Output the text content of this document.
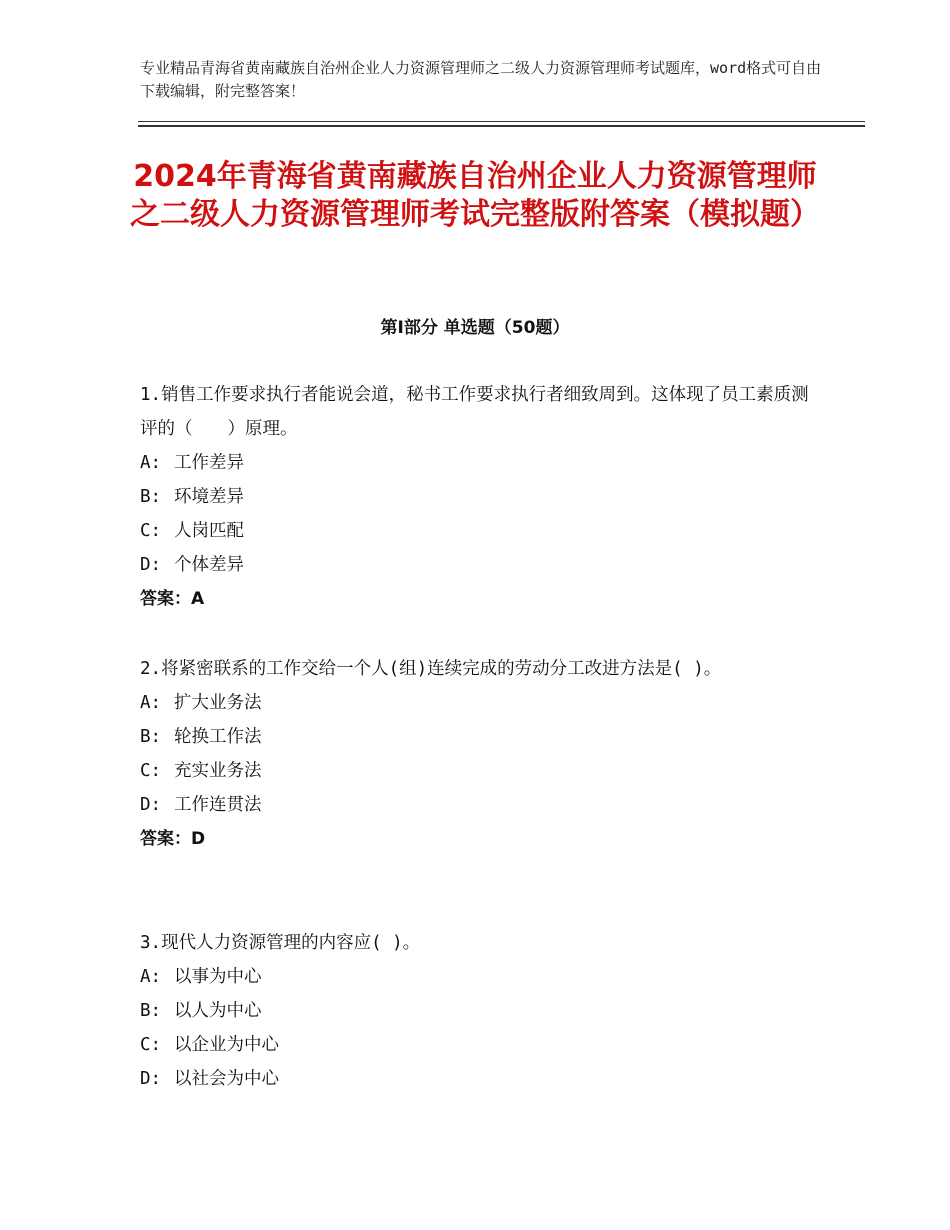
专业精品青海省黄南藏族自治州企业人力资源管理师之二级人力资源管理师考试题库，word格式可自由下载编辑，附完整答案！
2024年青海省黄南藏族自治州企业人力资源管理师之二级人力资源管理师考试完整版附答案（模拟题）
第Ⅰ部分 单选题（50题）
1.销售工作要求执行者能说会道，秘书工作要求执行者细致周到。这体现了员工素质测评的（　　）原理。
A: 工作差异
B: 环境差异
C: 人岗匹配
D: 个体差异
答案：A
2.将紧密联系的工作交给一个人(组)连续完成的劳动分工改进方法是( )。
A: 扩大业务法
B: 轮换工作法
C: 充实业务法
D: 工作连贯法
答案：D
3.现代人力资源管理的内容应( )。
A: 以事为中心
B: 以人为中心
C: 以企业为中心
D: 以社会为中心
